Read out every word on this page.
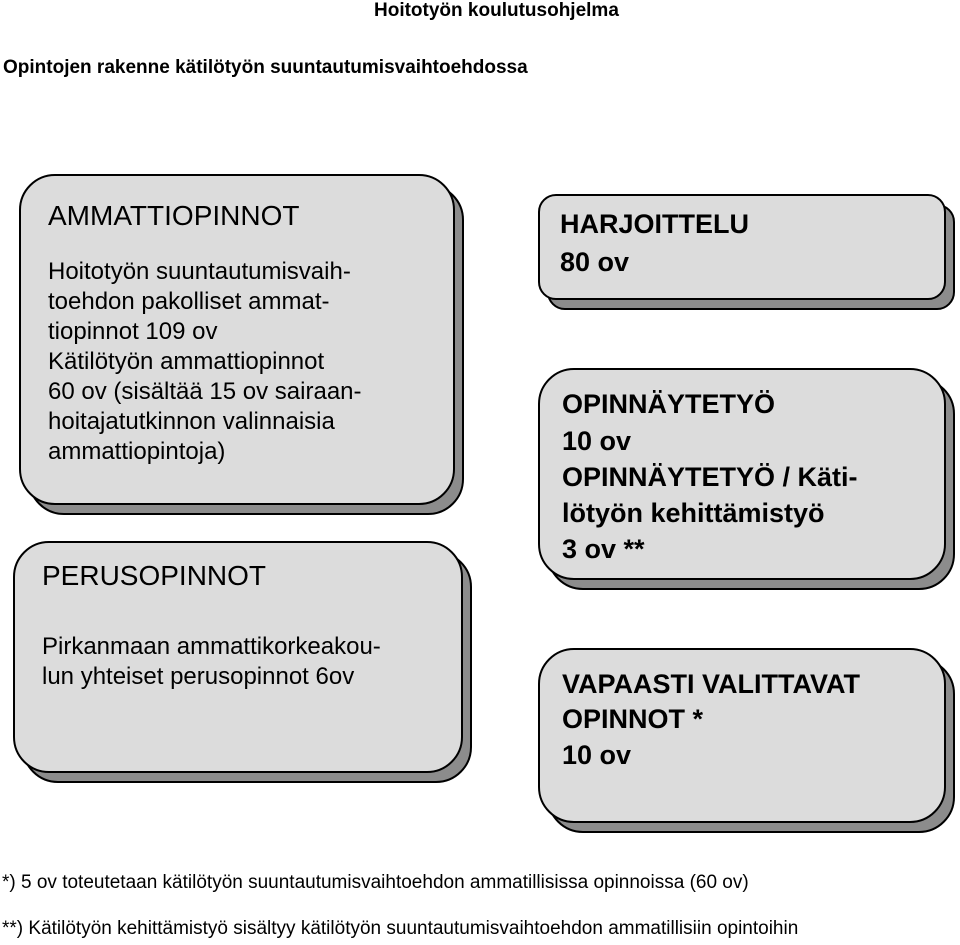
Hoitotyön koulutusohjelma
Opintojen rakenne kätilötyön suuntautumisvaihtoehdossa
AMMATTIOPINNOT
Hoitotyön suuntautumisvaih-
toehdon pakolliset ammat-
tiopinnot 109 ov
Kätilötyön ammattiopinnot
60 ov (sisältää 15 ov sairaan-
hoitajatutkinnon valinnaisia
ammattiopintoja)
PERUSOPINNOT
Pirkanmaan ammattikorkeakou-
lun yhteiset perusopinnot 6ov
HARJOITTELU
80 ov
OPINNÄYTETYÖ
10 ov
OPINNÄYTETYÖ / Käti-
lötyön kehittämistyö
3 ov **
VAPAASTI VALITTAVAT
OPINNOT *
10 ov
*) 5 ov toteutetaan kätilötyön suuntautumisvaihtoehdon ammatillisissa opinnoissa (60 ov)
**) Kätilötyön kehittämistyö sisältyy kätilötyön suuntautumisvaihtoehdon ammatillisiin opintoihin
